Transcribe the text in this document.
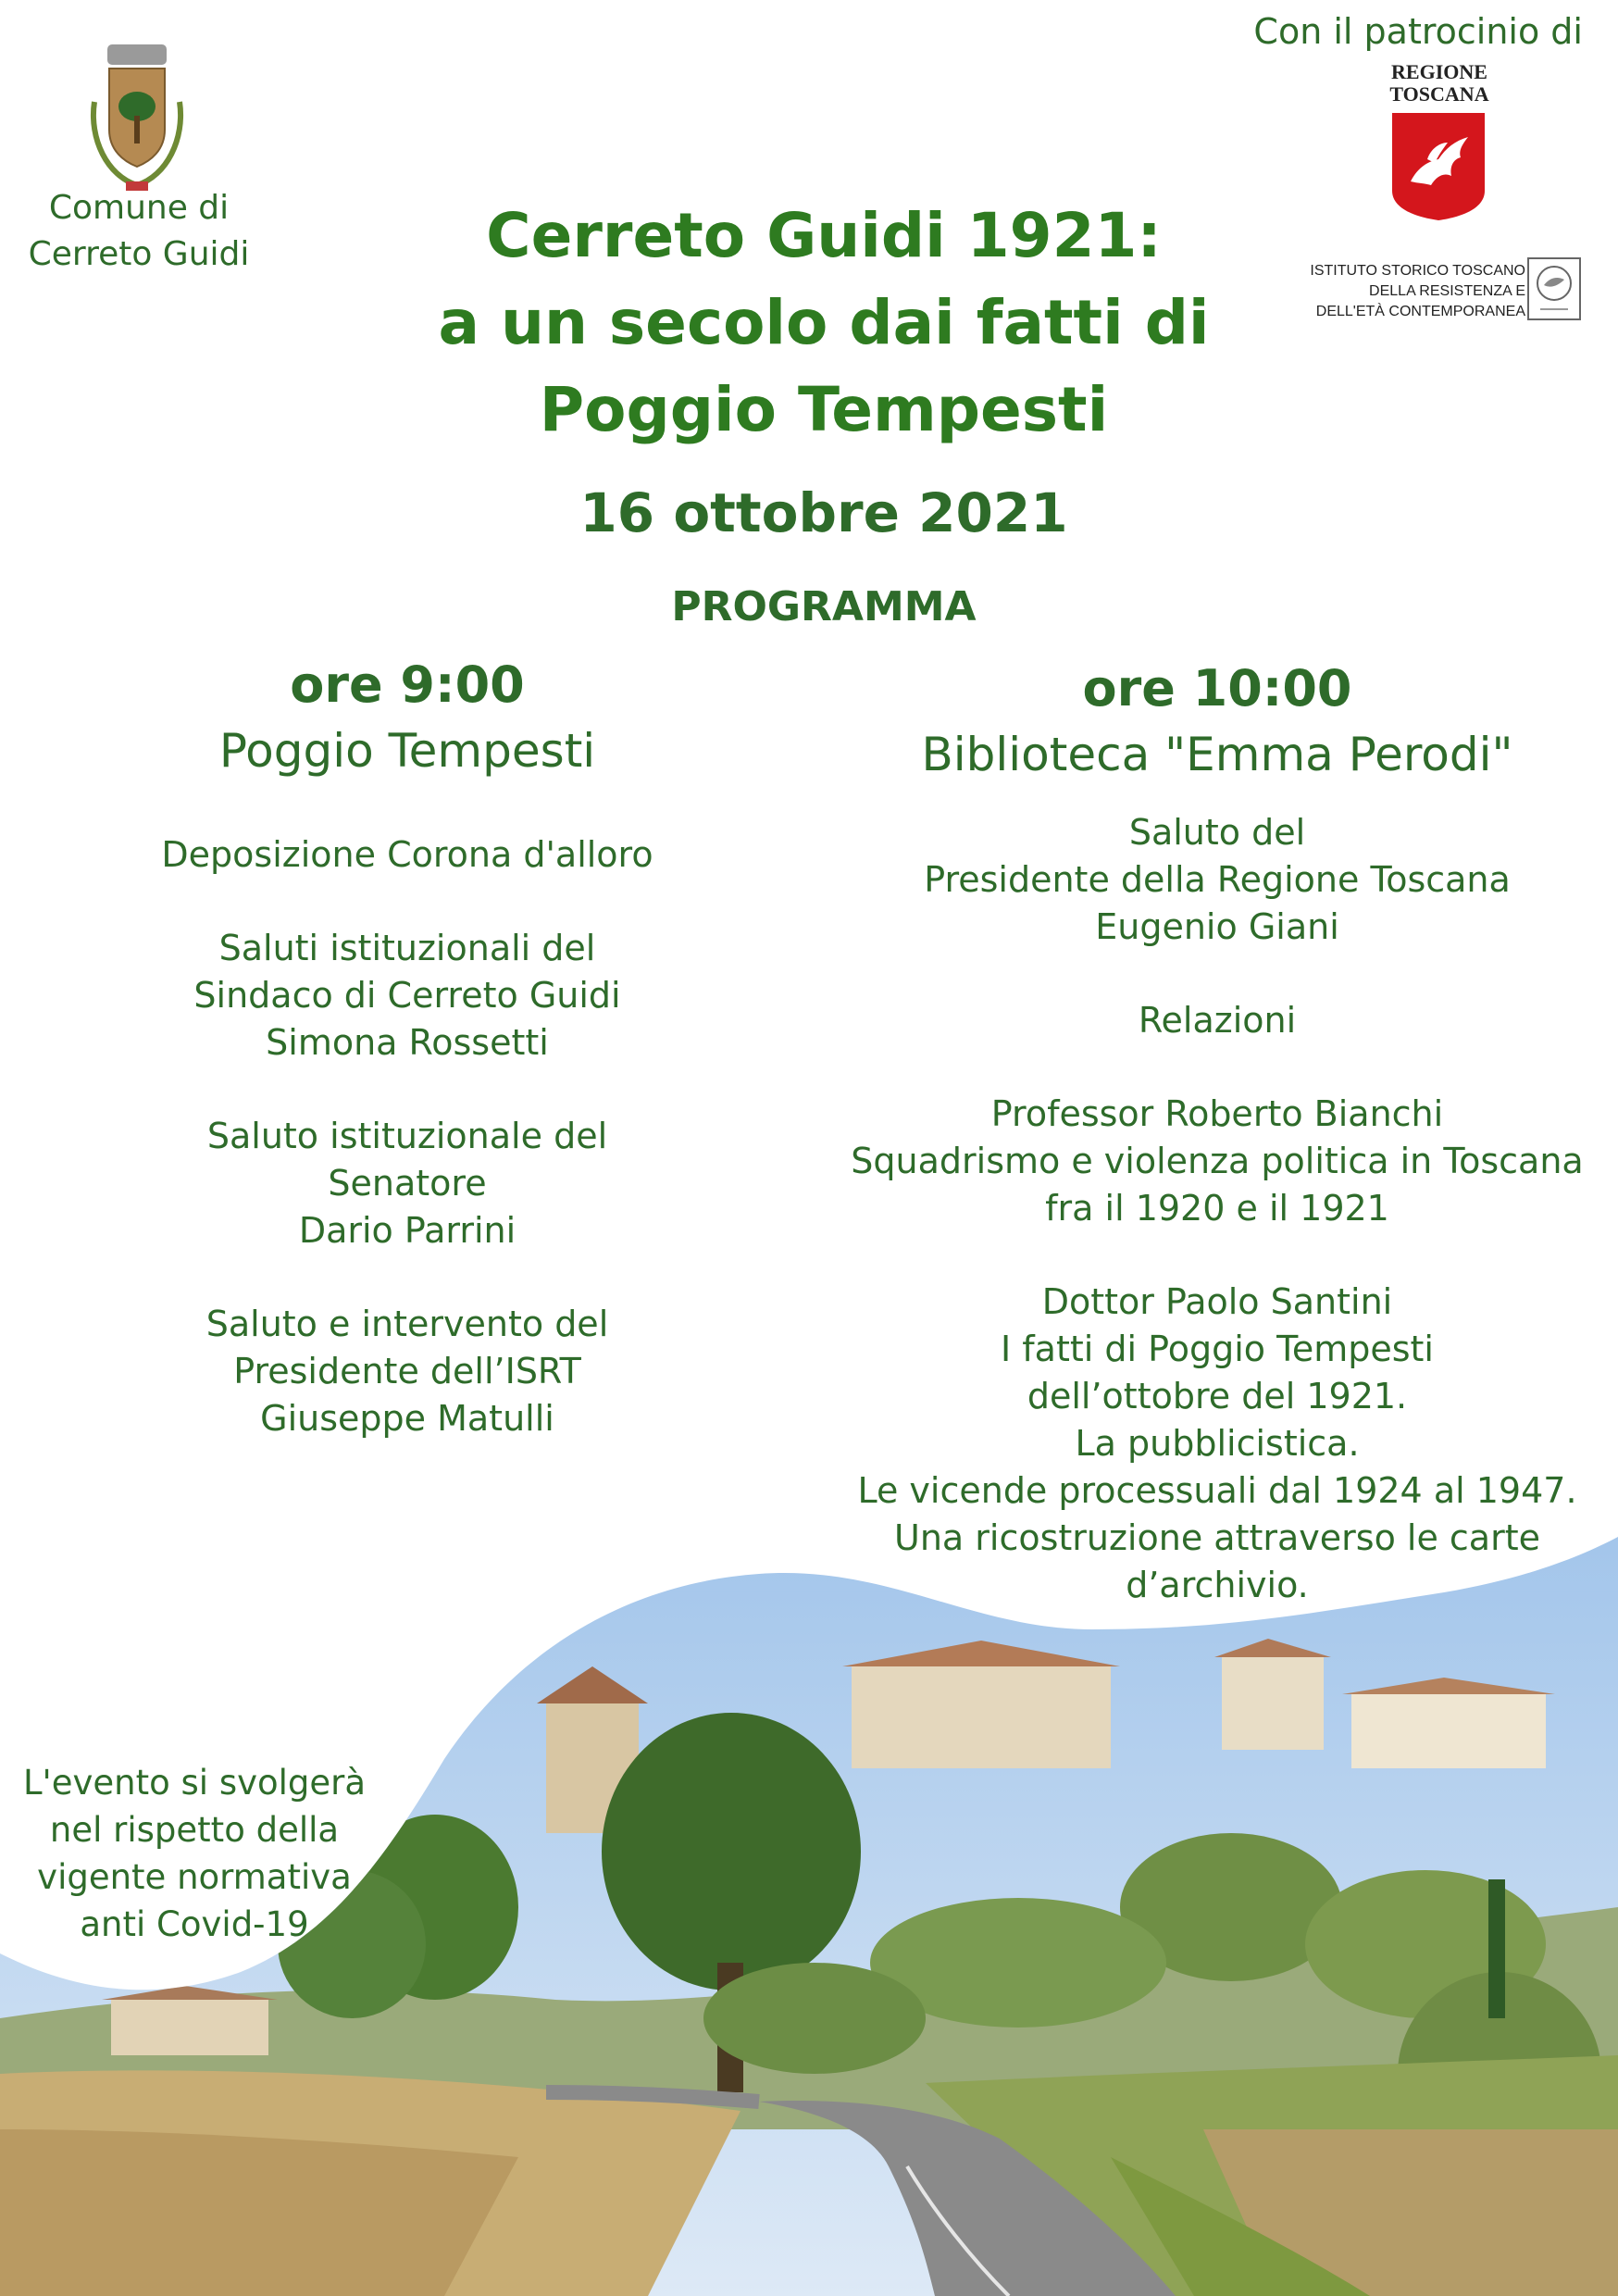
Comune di
Cerreto Guidi
Con il patrocinio di
REGIONE
TOSCANA
ISTITUTO STORICO TOSCANO
DELLA RESISTENZA E
DELL'ETÀ CONTEMPORANEA
Cerreto Guidi 1921:
a un secolo dai fatti di
Poggio Tempesti
16 ottobre 2021
PROGRAMMA
ore 9:00
Poggio Tempesti
Deposizione Corona d'alloro
Saluti istituzionali del
Sindaco di Cerreto Guidi
Simona Rossetti
Saluto istituzionale del
Senatore
Dario Parrini
Saluto e intervento del
Presidente dell’ISRT
Giuseppe Matulli
ore 10:00
Biblioteca "Emma Perodi"
Saluto del
Presidente della Regione Toscana
Eugenio Giani
Relazioni
Professor Roberto Bianchi
Squadrismo e violenza politica in Toscana
fra il 1920 e il 1921
Dottor Paolo Santini
I fatti di Poggio Tempesti
dell’ottobre del 1921.
La pubblicistica.
Le vicende processuali dal 1924 al 1947.
Una ricostruzione attraverso le carte
d’archivio.
L'evento si svolgerà
nel rispetto della
vigente normativa
anti Covid-19
